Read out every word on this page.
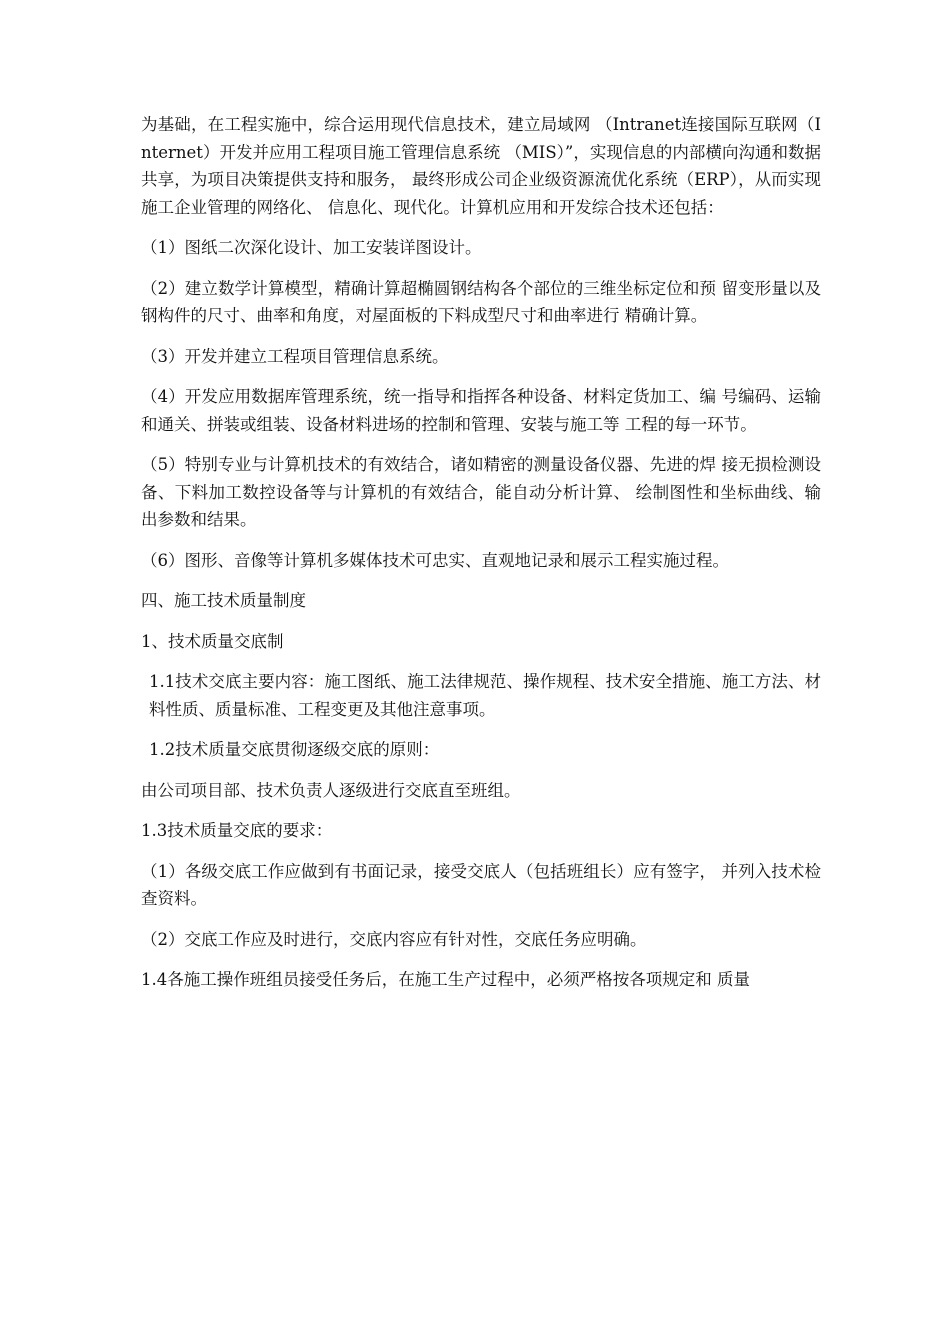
为基础，在工程实施中，综合运用现代信息技术，建立局域网 （Intranet连接国际互联网（Internet）开发并应用工程项目施工管理信息系统 （MIS）”，实现信息的内部横向沟通和数据共享，为项目决策提供支持和服务， 最终形成公司企业级资源流优化系统（ERP），从而实现施工企业管理的网络化、 信息化、现代化。计算机应用和开发综合技术还包括：

（1）图纸二次深化设计、加工安装详图设计。

（2）建立数学计算模型，精确计算超椭圆钢结构各个部位的三维坐标定位和预 留变形量以及钢构件的尺寸、曲率和角度，对屋面板的下料成型尺寸和曲率进行 精确计算。

（3）开发并建立工程项目管理信息系统。

（4）开发应用数据库管理系统，统一指导和指挥各种设备、材料定货加工、编 号编码、运输和通关、拼装或组装、设备材料进场的控制和管理、安装与施工等 工程的每一环节。

（5）特别专业与计算机技术的有效结合，诸如精密的测量设备仪器、先进的焊 接无损检测设备、下料加工数控设备等与计算机的有效结合，能自动分析计算、 绘制图性和坐标曲线、输出参数和结果。

（6）图形、音像等计算机多媒体技术可忠实、直观地记录和展示工程实施过程。

四、施工技术质量制度

1、技术质量交底制

1.1技术交底主要内容：施工图纸、施工法律规范、操作规程、技术安全措施、施工方法、材料性质、质量标准、工程变更及其他注意事项。

1.2技术质量交底贯彻逐级交底的原则：

由公司项目部、技术负责人逐级进行交底直至班组。

1.3技术质量交底的要求：

（1）各级交底工作应做到有书面记录，接受交底人（包括班组长）应有签字， 并列入技术检查资料。

（2）交底工作应及时进行，交底内容应有针对性，交底任务应明确。

1.4各施工操作班组员接受任务后，在施工生产过程中，必须严格按各项规定和 质量
